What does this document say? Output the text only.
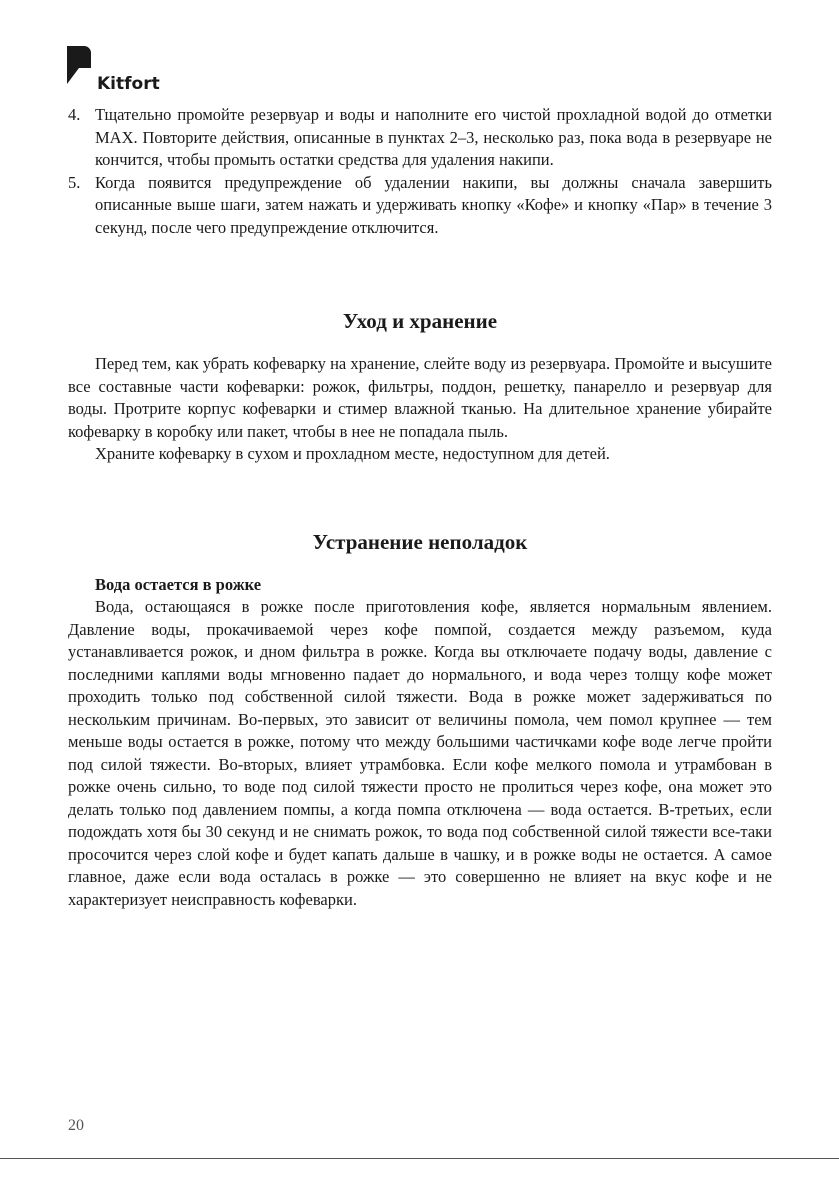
Kitfort
4. Тщательно промойте резервуар и воды и наполните его чистой прохладной водой до отметки MAX. Повторите действия, описанные в пунктах 2–3, несколько раз, пока вода в резервуаре не кончится, чтобы промыть остатки средства для удаления накипи.
5. Когда появится предупреждение об удалении накипи, вы должны сначала завершить описанные выше шаги, затем нажать и удерживать кнопку «Кофе» и кнопку «Пар» в течение 3 секунд, после чего предупреждение отключится.
Уход и хранение

Перед тем, как убрать кофеварку на хранение, слейте воду из резервуара. Промойте и высушите все составные части кофеварки: рожок, фильтры, поддон, решетку, панарелло и резервуар для воды. Протрите корпус кофеварки и стимер влажной тканью. На длительное хранение убирайте кофеварку в коробку или пакет, чтобы в нее не попадала пыль.

Храните кофеварку в сухом и прохладном месте, недоступном для детей.

Устранение неполадок

Вода остается в рожке

Вода, остающаяся в рожке после приготовления кофе, является нормальным явлением. Давление воды, прокачиваемой через кофе помпой, создается между разъемом, куда устанавливается рожок, и дном фильтра в рожке. Когда вы отключаете подачу воды, давление с последними каплями воды мгновенно падает до нормального, и вода через толщу кофе может проходить только под собственной силой тяжести. Вода в рожке может задерживаться по нескольким причинам. Во-первых, это зависит от величины помола, чем помол крупнее — тем меньше воды остается в рожке, потому что между большими частичками кофе воде легче пройти под силой тяжести. Во-вторых, влияет утрамбовка. Если кофе мелкого помола и утрамбован в рожке очень сильно, то воде под силой тяжести просто не пролиться через кофе, она может это делать только под давлением помпы, а когда помпа отключена — вода остается. В-третьих, если подождать хотя бы 30 секунд и не снимать рожок, то вода под собственной силой тяжести все-таки просочится через слой кофе и будет капать дальше в чашку, и в рожке воды не остается. А самое главное, даже если вода осталась в рожке — это совершенно не влияет на вкус кофе и не характеризует неисправность кофеварки.

20
